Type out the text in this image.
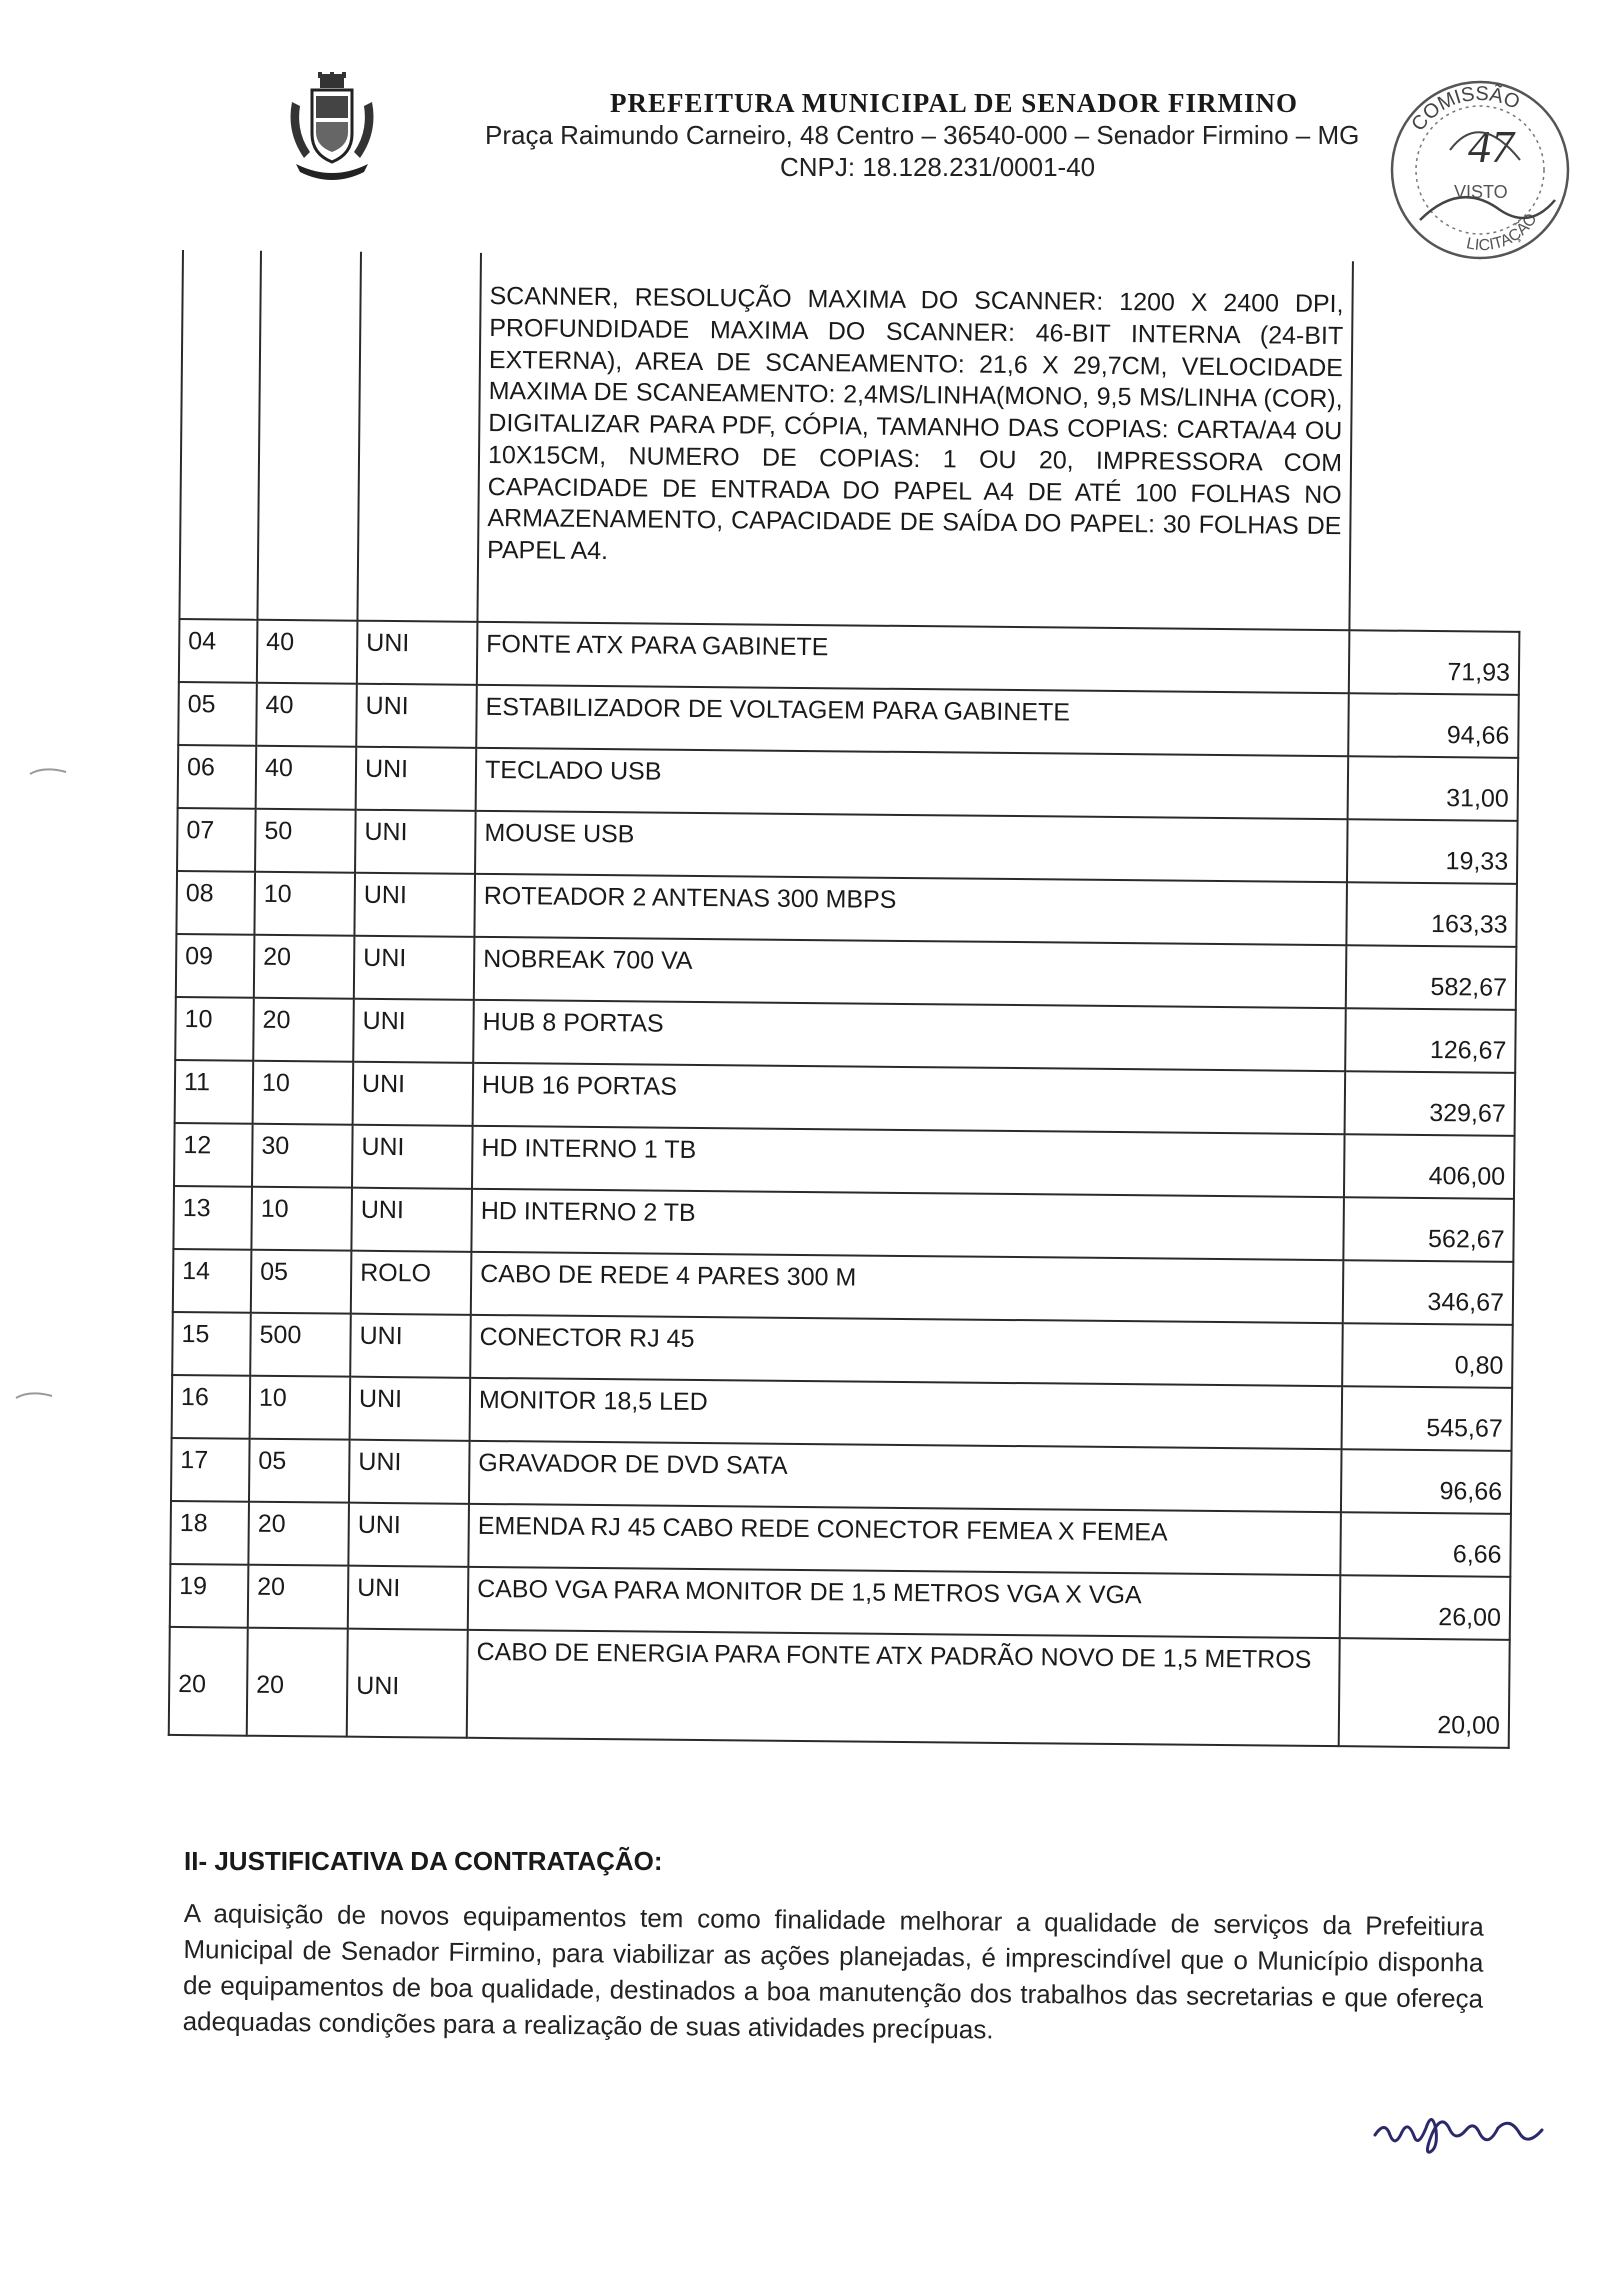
PREFEITURA MUNICIPAL DE SENADOR FIRMINO
Praça Raimundo Carneiro, 48 Centro – 36540-000 – Senador Firmino – MG
CNPJ: 18.128.231/0001-40
COMISSÃO
LICITAÇÃO
47
VISTO
			SCANNER, RESOLUÇÃO MAXIMA DO SCANNER: 1200 X 2400 DPI, PROFUNDIDADE MAXIMA DO SCANNER: 46-BIT INTERNA (24-BIT EXTERNA), AREA DE SCANEAMENTO: 21,6 X 29,7CM, VELOCIDADE MAXIMA DE SCANEAMENTO: 2,4MS/LINHA(MONO, 9,5 MS/LINHA (COR), DIGITALIZAR PARA PDF, CÓPIA, TAMANHO DAS COPIAS: CARTA/A4 OU 10X15CM, NUMERO DE COPIAS: 1 OU 20, IMPRESSORA COM CAPACIDADE DE ENTRADA DO PAPEL A4 DE ATÉ 100 FOLHAS NO ARMAZENAMENTO, CAPACIDADE DE SAÍDA DO PAPEL: 30 FOLHAS DE PAPEL A4.	
04	40	UNI	FONTE ATX PARA GABINETE	71,93
05	40	UNI	ESTABILIZADOR DE VOLTAGEM PARA GABINETE	94,66
06	40	UNI	TECLADO USB	31,00
07	50	UNI	MOUSE USB	19,33
08	10	UNI	ROTEADOR 2 ANTENAS 300 MBPS	163,33
09	20	UNI	NOBREAK 700 VA	582,67
10	20	UNI	HUB 8 PORTAS	126,67
11	10	UNI	HUB 16 PORTAS	329,67
12	30	UNI	HD INTERNO 1 TB	406,00
13	10	UNI	HD INTERNO 2 TB	562,67
14	05	ROLO	CABO DE REDE 4 PARES 300 M	346,67
15	500	UNI	CONECTOR RJ 45	0,80
16	10	UNI	MONITOR 18,5 LED	545,67
17	05	UNI	GRAVADOR DE DVD SATA	96,66
18	20	UNI	EMENDA RJ 45 CABO REDE CONECTOR FEMEA X FEMEA	6,66
19	20	UNI	CABO VGA PARA MONITOR DE 1,5 METROS VGA X VGA	26,00
20	20	UNI	CABO DE ENERGIA PARA FONTE ATX PADRÃO NOVO DE 1,5 METROS	20,00
II- JUSTIFICATIVA DA CONTRATAÇÃO:
A aquisição de novos equipamentos tem como finalidade melhorar a qualidade de serviços da Prefeitiura Municipal de Senador Firmino, para viabilizar as ações planejadas, é imprescindível que o Município disponha de equipamentos de boa qualidade, destinados a boa manutenção dos trabalhos das secretarias e que ofereça adequadas condições para a realização de suas atividades precípuas.
